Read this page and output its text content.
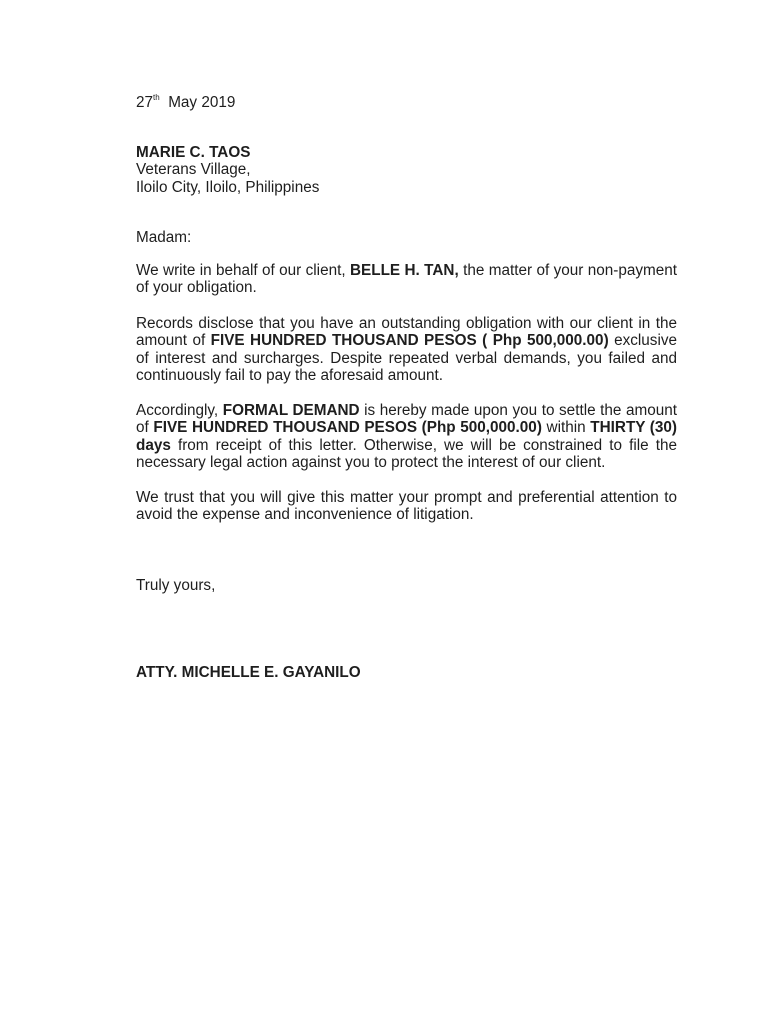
27th May 2019
MARIE C. TAOS
Veterans Village,
Iloilo City, Iloilo, Philippines
Madam:

We write in behalf of our client, BELLE H. TAN, the matter of your non-payment of your obligation.

Records disclose that you have an outstanding obligation with our client in the amount of FIVE HUNDRED THOUSAND PESOS ( Php 500,000.00) exclusive of interest and surcharges. Despite repeated verbal demands, you failed and continuously fail to pay the aforesaid amount.

Accordingly, FORMAL DEMAND is hereby made upon you to settle the amount of FIVE HUNDRED THOUSAND PESOS (Php 500,000.00) within THIRTY (30) days from receipt of this letter. Otherwise, we will be constrained to file the necessary legal action against you to protect the interest of our client.

We trust that you will give this matter your prompt and preferential attention to avoid the expense and inconvenience of litigation.

Truly yours,
ATTY. MICHELLE E. GAYANILO
